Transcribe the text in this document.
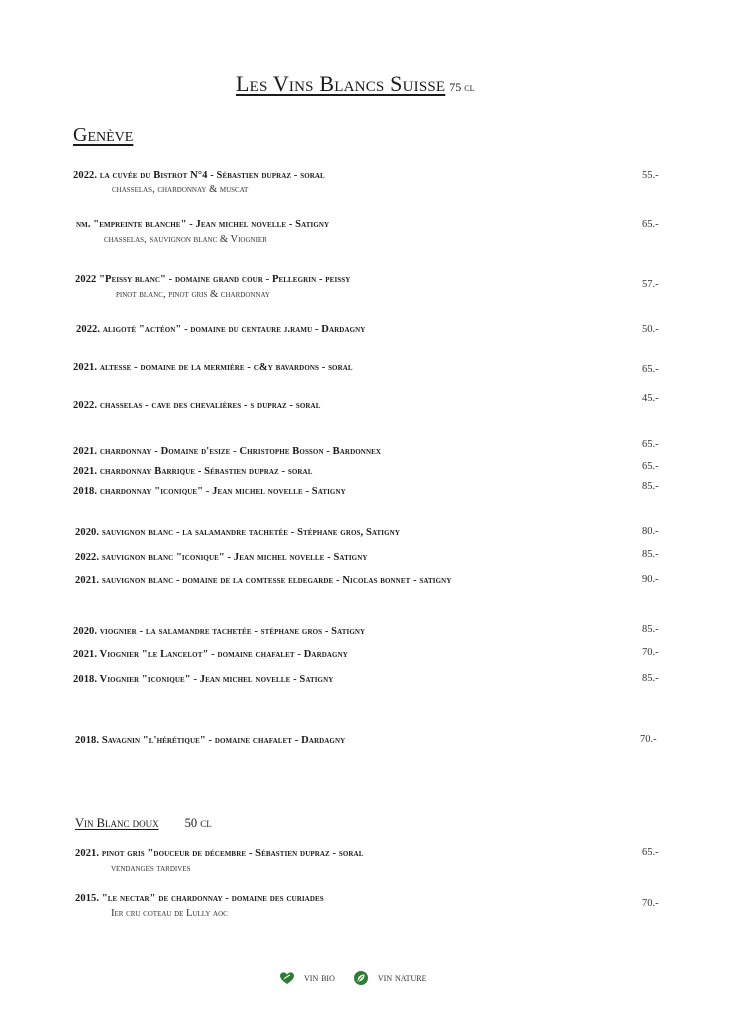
Les Vins Blancs Suisse 75 cl
Genève
2022. la cuvée du Bistrot N°4 - Sébastien dupraz - soral
chasselas, chardonnay & muscat
55.-
nm. "empreinte blanche" - Jean michel novelle - Satigny
chasselas, sauvignon blanc & Viognier
65.-
2022 "Peissy blanc" - domaine grand cour - Pellegrin - peissy
pinot blanc, pinot gris & chardonnay
57.-
2022. aligoté "actéon" - domaine du centaure j.ramu - Dardagny	50.-
2021. altesse - domaine de la mermière - c&y bavardons - soral	65.-
2022. chasselas - cave des chevalières - s dupraz - soral
45.-
2021. chardonnay - Domaine d'esize - Christophe Bosson - Bardonnex
65.-
2021. chardonnay Barrique - Sébastien dupraz - soral	65.-
2018. chardonnay "iconique" - Jean michel novelle - Satigny	85.-
2020. sauvignon blanc - la salamandre tachetée - Stéphane gros, Satigny	80.-
2022. sauvignon blanc "iconique" - Jean michel novelle - Satigny	85.-
2021. sauvignon blanc - domaine de la comtesse eldegarde - Nicolas bonnet - satigny	90.-
2020. viognier - la salamandre tachetée - stéphane gros - Satigny	85.-
2021. Viognier "le Lancelot" - domaine chafalet - Dardagny	70.-
2018. Viognier "iconique" - Jean michel novelle - Satigny	85.-
2018. Savagnin "l'hérétique" - domaine chafalet - Dardagny	70.-
Vin Blanc doux 50 cl
2021. pinot gris "douceur de décembre - Sébastien dupraz - soral
vendanges tardives
65.-
2015. "le nectar" de chardonnay - domaine des curiades
Ier cru coteau de Lully aoc
70.-
vin bio	vin nature
